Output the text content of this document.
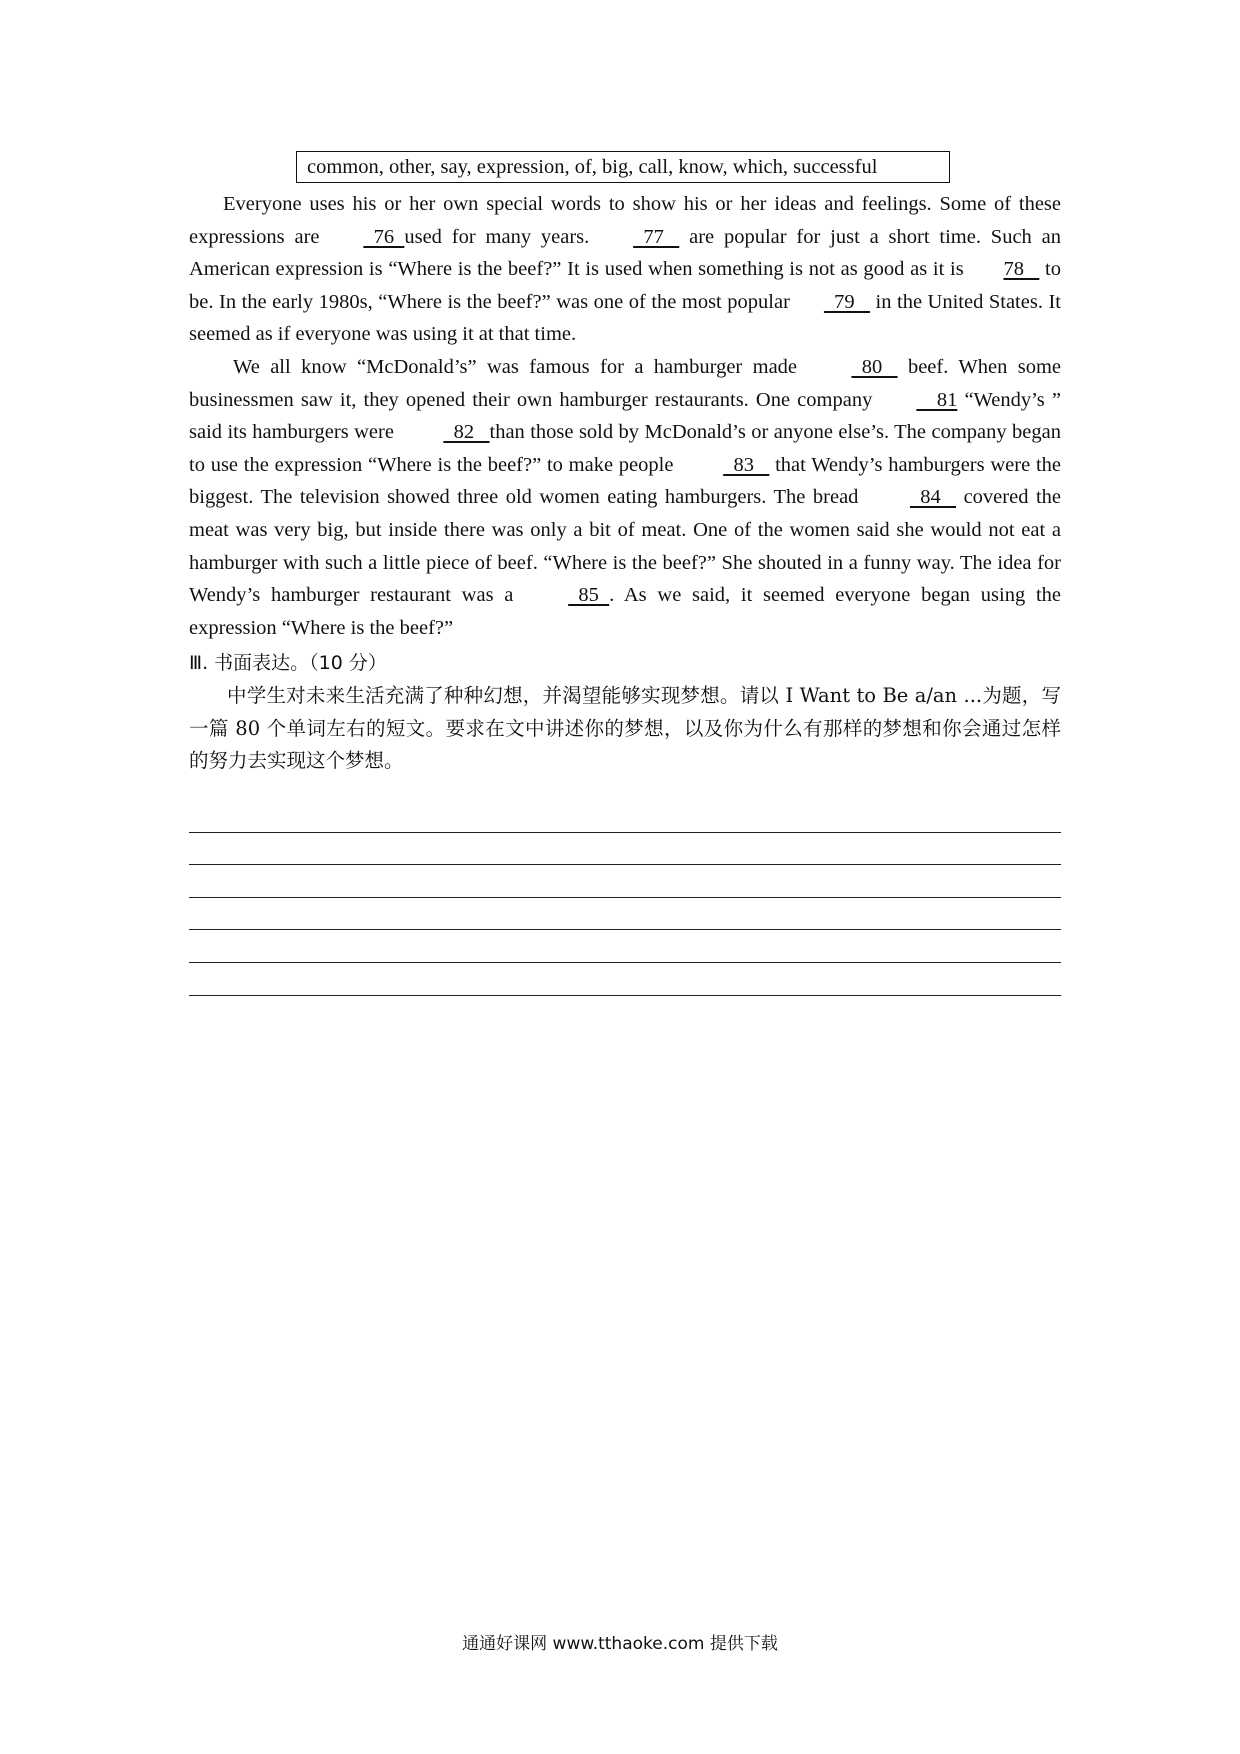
common, other, say, expression, of, big, call, know, which, successful

Everyone uses his or her own special words to show his or her ideas and feelings. Some of these expressions are   76  used for many years.   77    are popular for just a short time. Such an American expression is “Where is the beef?” It is used when something is not as good as it is 78    to be. In the early 1980s, “Where is the beef?” was one of the most popular  79    in the United States. It seemed as if everyone was using it at that time.

We all know “McDonald’s” was famous for a hamburger made   80    beef. When some businessmen saw it, they opened their own hamburger restaurants. One company    81 “Wendy’s ” said its hamburgers were   82   than those sold by McDonald’s or anyone else’s. The company began to use the expression “Where is the beef?” to make people   83    that Wendy’s hamburgers were the biggest. The television showed three old women eating hamburgers. The bread   84    covered the meat was very big, but inside there was only a bit of meat. One of the women said she would not eat a hamburger with such a little piece of beef. “Where is the beef?” She shouted in a funny way. The idea for Wendy’s hamburger restaurant was a   85  . As we said, it seemed everyone began using the expression “Where is the beef?”

Ⅲ. 书面表达。（10 分）

中学生对未来生活充满了种种幻想，并渴望能够实现梦想。请以 I Want to Be a/an ...为题，写一篇 80 个单词左右的短文。要求在文中讲述你的梦想，以及你为什么有那样的梦想和你会通过怎样的努力去实现这个梦想。

通通好课网 www.tthaoke.com 提供下载
